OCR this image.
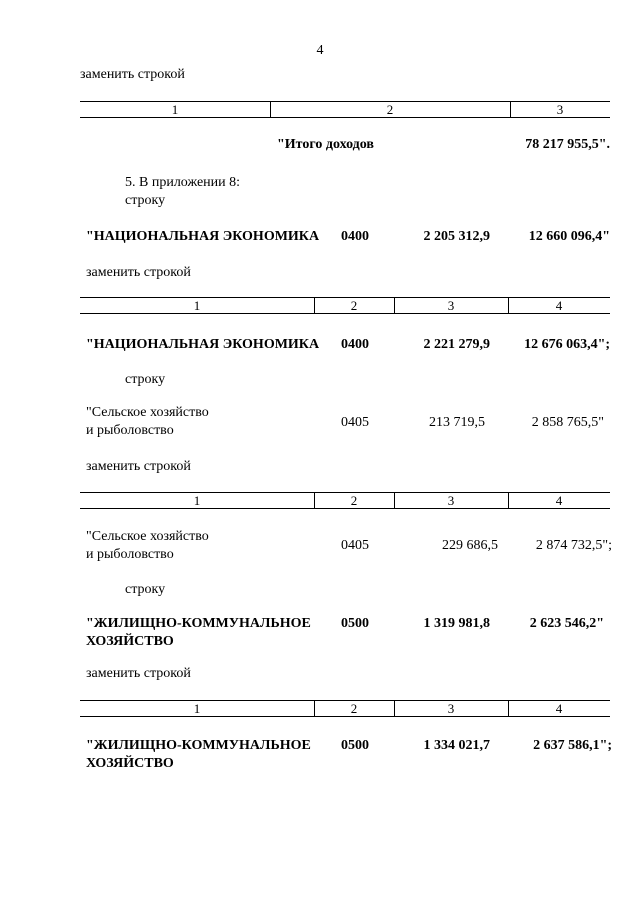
4
заменить строкой
1	2	3
"Итого доходов	78 217 955,5".
5. В приложении 8:
строку
"НАЦИОНАЛЬНАЯ ЭКОНОМИКА	0400	2 205 312,9	12 660 096,4"
заменить строкой
1	2	3	4
"НАЦИОНАЛЬНАЯ ЭКОНОМИКА	0400	2 221 279,9	12 676 063,4";
строку
"Сельское хозяйство
и рыболовство
0405	213 719,5	2 858 765,5"
заменить строкой
1	2	3	4
"Сельское хозяйство
и рыболовство
0405	229 686,5	2 874 732,5";
строку
"ЖИЛИЩНО-КОММУНАЛЬНОЕ
ХОЗЯЙСТВО
0500	1 319 981,8	2 623 546,2"
заменить строкой
1	2	3	4
"ЖИЛИЩНО-КОММУНАЛЬНОЕ
ХОЗЯЙСТВО
0500	1 334 021,7	2 637 586,1";
